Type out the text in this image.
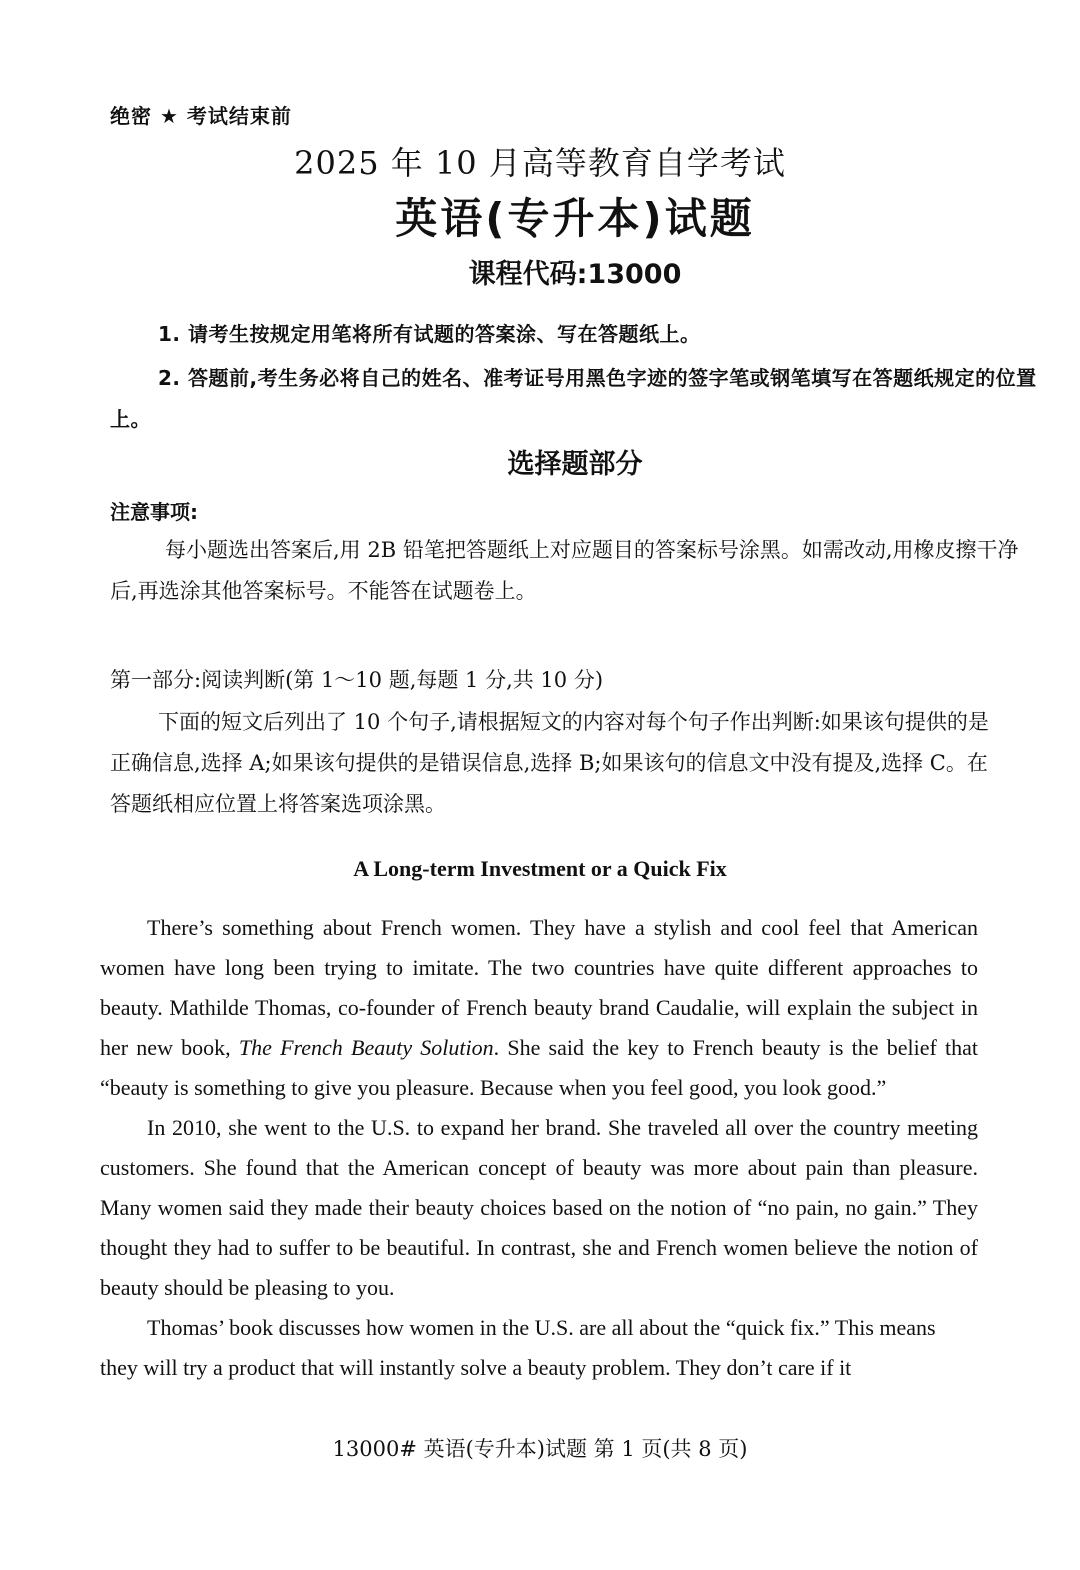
绝密 ★ 考试结束前
2025 年 10 月高等教育自学考试
英语(专升本)试题
课程代码:13000
1. 请考生按规定用笔将所有试题的答案涂、写在答题纸上。
2. 答题前,考生务必将自己的姓名、准考证号用黑色字迹的签字笔或钢笔填写在答题纸规定的位置上。
选择题部分
注意事项:
每小题选出答案后,用 2B 铅笔把答题纸上对应题目的答案标号涂黑。如需改动,用橡皮擦干净后,再选涂其他答案标号。不能答在试题卷上。
第一部分:阅读判断(第 1～10 题,每题 1 分,共 10 分)
下面的短文后列出了 10 个句子,请根据短文的内容对每个句子作出判断:如果该句提供的是正确信息,选择 A;如果该句提供的是错误信息,选择 B;如果该句的信息文中没有提及,选择 C。在答题纸相应位置上将答案选项涂黑。
A Long-term Investment or a Quick Fix

There’s something about French women. They have a stylish and cool feel that American women have long been trying to imitate. The two countries have quite different approaches to beauty. Mathilde Thomas, co-founder of French beauty brand Caudalie, will explain the subject in her new book, The French Beauty Solution. She said the key to French beauty is the belief that “beauty is something to give you pleasure. Because when you feel good, you look good.”

In 2010, she went to the U.S. to expand her brand. She traveled all over the country meeting customers. She found that the American concept of beauty was more about pain than pleasure. Many women said they made their beauty choices based on the notion of “no pain, no gain.” They thought they had to suffer to be beautiful. In contrast, she and French women believe the notion of beauty should be pleasing to you.

Thomas’ book discusses how women in the U.S. are all about the “quick fix.” This means they will try a product that will instantly solve a beauty problem. They don’t care if it

13000# 英语(专升本)试题 第 1 页(共 8 页)
